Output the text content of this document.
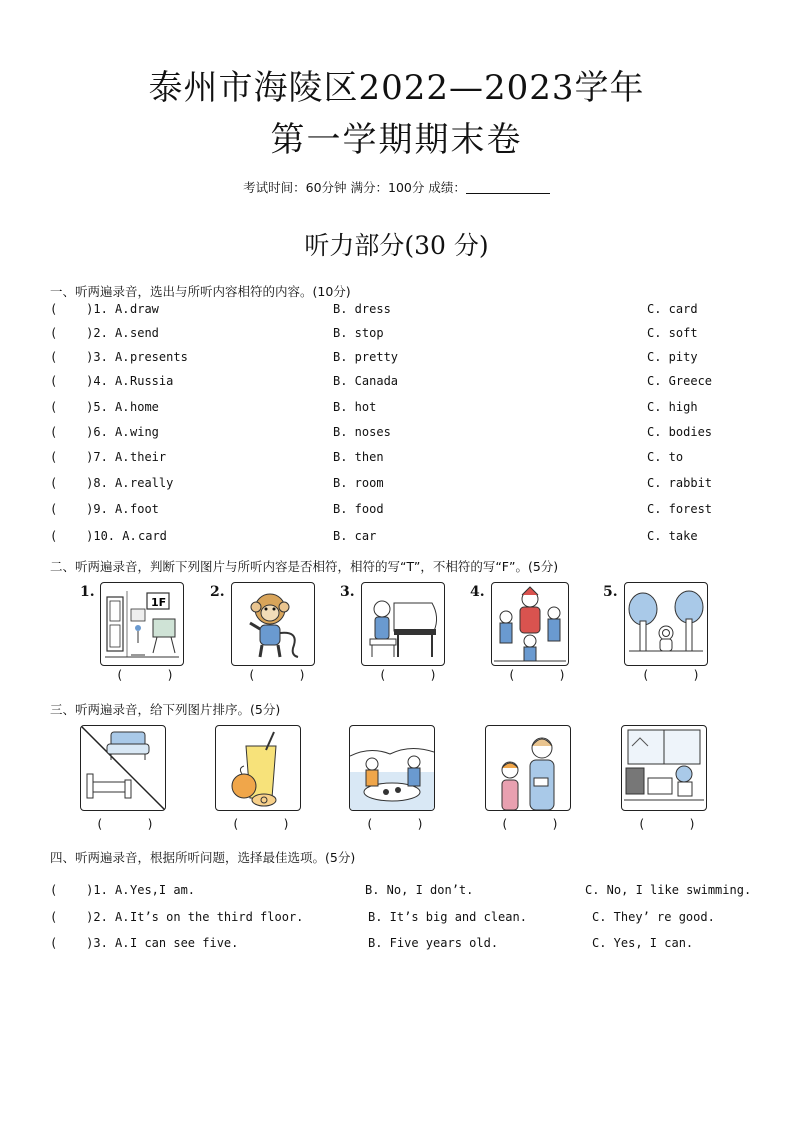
泰州市海陵区2022—2023学年
第一学期期末卷
考试时间：60分钟 满分：100分 成绩：
听力部分(30 分)
一、听两遍录音，选出与所听内容相符的内容。(10分)
(    )1. A. draw	B. dress	C. card
(    )2. A. send	B. stop	C. soft
(    )3. A. presents	B. pretty	C. pity
(    )4. A. Russia	B. Canada	C. Greece
(    )5. A. home	B. hot	C. high
(    )6. A. wing	B. noses	C. bodies
(    )7. A. their	B. then	C. to
(    )8. A. really	B. room	C. rabbit
(    )9. A. foot	B. food	C. forest
(    )10. A. card	B. car	C. take
二、听两遍录音，判断下列图片与所听内容是否相符，相符的写“T”，不相符的写“F”。(5分)
1.
1F
(      )
2.
(      )
3.
(      )
4.
(      )
5.
(      )
三、听两遍录音，给下列图片排序。(5分)
(      )	(      )	(      )	(      )	(      )
四、听两遍录音，根据所听问题，选择最佳选项。(5分)
(    )1. A. Yes,I am.	B. No, I don’t.	C. No, I like swimming.
(    )2. A. It’s on the third floor.	B. It’s big and clean.	C. They’ re good.
(    )3. A. I can see five.	B. Five years old.	C. Yes, I can.
